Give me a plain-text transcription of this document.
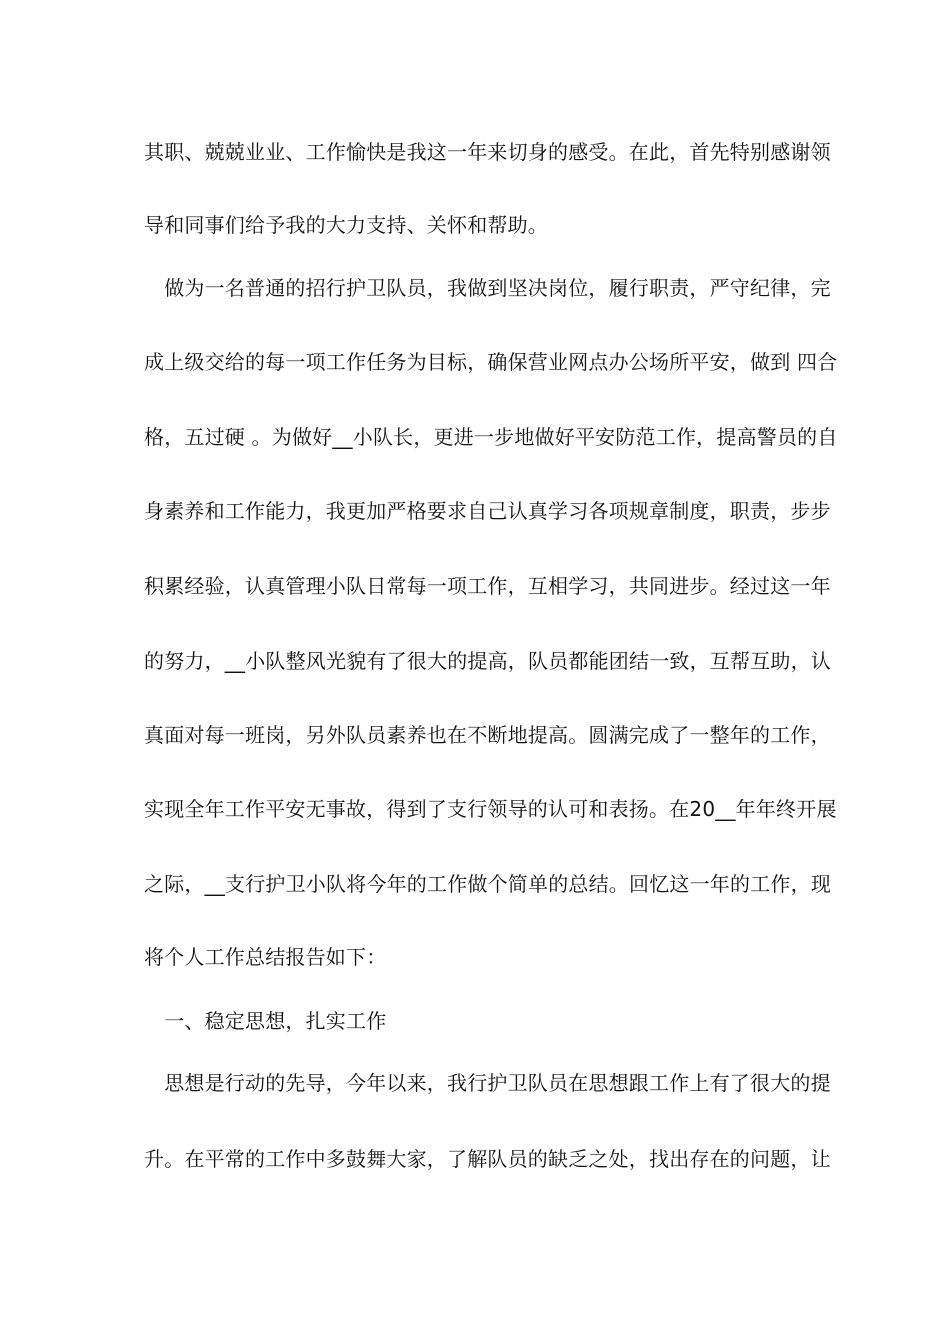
其职、兢兢业业、工作愉快是我这一年来切身的感受。在此，首先特别感谢领
导和同事们给予我的大力支持、关怀和帮助。
　做为一名普通的招行护卫队员，我做到坚决岗位，履行职责，严守纪律，完
成上级交给的每一项工作任务为目标，确保营业网点办公场所平安，做到 四合
格，五过硬 。为做好__小队长，更进一步地做好平安防范工作，提高警员的自
身素养和工作能力，我更加严格要求自己认真学习各项规章制度，职责，步步
积累经验，认真管理小队日常每一项工作，互相学习，共同进步。经过这一年
的努力，__小队整风光貌有了很大的提高，队员都能团结一致，互帮互助，认
真面对每一班岗，另外队员素养也在不断地提高。圆满完成了一整年的工作，
实现全年工作平安无事故，得到了支行领导的认可和表扬。在20__年年终开展
之际，__支行护卫小队将今年的工作做个简单的总结。回忆这一年的工作，现
将个人工作总结报告如下：
　一、稳定思想，扎实工作
　思想是行动的先导，今年以来，我行护卫队员在思想跟工作上有了很大的提
升。在平常的工作中多鼓舞大家，了解队员的缺乏之处，找出存在的问题，让
